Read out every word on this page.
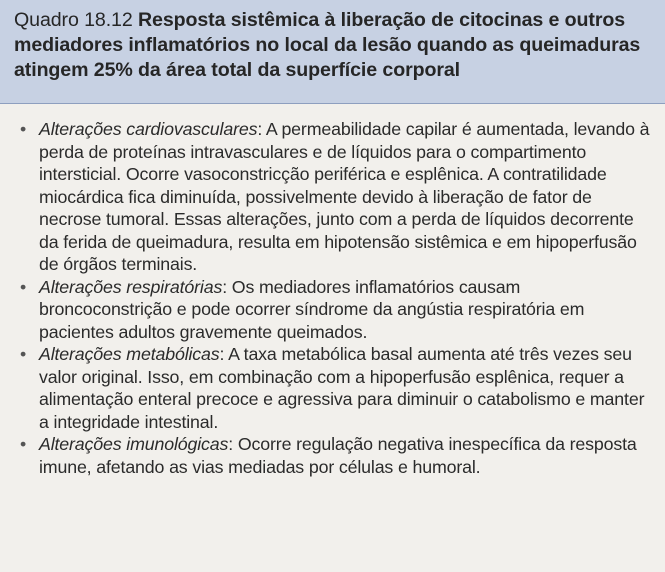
Quadro 18.12 Resposta sistêmica à liberação de citocinas e outros mediadores inflamatórios no local da lesão quando as queimaduras atingem 25% da área total da superfície corporal

• Alterações cardiovasculares: A permeabilidade capilar é aumentada, levando à perda de proteínas intravasculares e de líquidos para o compartimento intersticial. Ocorre vasoconstricção periférica e esplênica. A contratilidade miocárdica fica diminuída, possivelmente devido à liberação de fator de necrose tumoral. Essas alterações, junto com a perda de líquidos decorrente da ferida de queimadura, resulta em hipotensão sistêmica e em hipoperfusão de órgãos terminais.
• Alterações respiratórias: Os mediadores inflamatórios causam broncoconstrição e pode ocorrer síndrome da angústia respiratória em pacientes adultos gravemente queimados.
• Alterações metabólicas: A taxa metabólica basal aumenta até três vezes seu valor original. Isso, em combinação com a hipoperfusão esplênica, requer a alimentação enteral precoce e agressiva para diminuir o catabolismo e manter a integridade intestinal.
• Alterações imunológicas: Ocorre regulação negativa inespecífica da resposta imune, afetando as vias mediadas por células e humoral.
